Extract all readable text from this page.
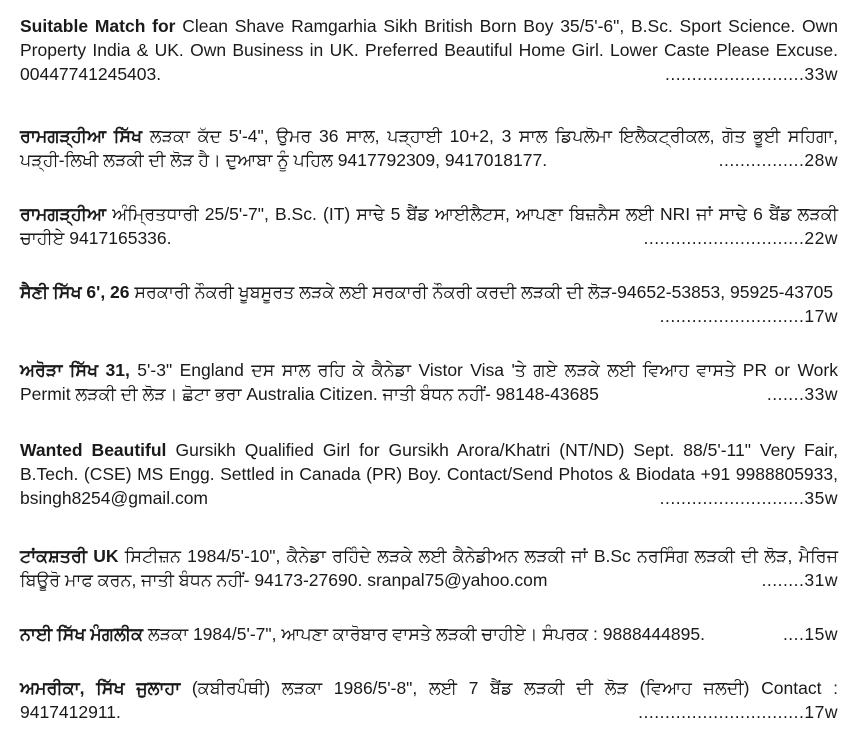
Suitable Match for Clean Shave Ramgarhia Sikh British Born Boy 35/5'-6", B.Sc. Sport Science. Own Property India & UK. Own Business in UK. Preferred Beautiful Home Girl. Lower Caste Please Excuse. 00447741245403.	..........................33w
ਰਾਮਗੜ੍ਹੀਆ ਸਿੱਖ ਲੜਕਾ ਕੱਦ 5'-4", ਉਮਰ 36 ਸਾਲ, ਪੜ੍ਹਾਈ 10+2, 3 ਸਾਲ ਡਿਪਲੋਮਾ ਇਲੈਕਟ੍ਰੀਕਲ, ਗੋਤ ਭੂਈ ਸਹਿਗਾ, ਪੜ੍ਹੀ-ਲਿਖੀ ਲੜਕੀ ਦੀ ਲੋੜ ਹੈ। ਦੁਆਬਾ ਨੂੰ ਪਹਿਲ 9417792309, 9417018177.	................28w
ਰਾਮਗੜ੍ਹੀਆ ਅੰਮ੍ਰਿਤਧਾਰੀ 25/5'-7", B.Sc. (IT) ਸਾਢੇ 5 ਬੈਂਡ ਆਈਲੈਟਸ, ਆਪਣਾ ਬਿਜ਼ਨੈਸ ਲਈ NRI ਜਾਂ ਸਾਢੇ 6 ਬੈਂਡ ਲੜਕੀ ਚਾਹੀਏ 9417165336.	..............................22w
ਸੈਣੀ ਸਿੱਖ 6', 26 ਸਰਕਾਰੀ ਨੌਕਰੀ ਖੂਬਸੂਰਤ ਲੜਕੇ ਲਈ ਸਰਕਾਰੀ ਨੌਕਰੀ ਕਰਦੀ ਲੜਕੀ ਦੀ ਲੋੜ-94652-53853, 95925-43705
...........................17w
ਅਰੋੜਾ ਸਿੱਖ 31, 5'-3" England ਦਸ ਸਾਲ ਰਹਿ ਕੇ ਕੈਨੇਡਾ Vistor Visa 'ਤੇ ਗਏ ਲੜਕੇ ਲਈ ਵਿਆਹ ਵਾਸਤੇ PR or Work Permit ਲੜਕੀ ਦੀ ਲੋੜ। ਛੋਟਾ ਭਰਾ Australia Citizen. ਜਾਤੀ ਬੰਧਨ ਨਹੀਂ- 98148-43685	.......33w
Wanted Beautiful Gursikh Qualified Girl for Gursikh Arora/Khatri (NT/ND) Sept. 88/5'-11" Very Fair, B.Tech. (CSE) MS Engg. Settled in Canada (PR) Boy. Contact/Send Photos & Biodata +91 9988805933, bsingh8254@gmail.com	...........................35w
ਟਾਂਕਸ਼ਤਰੀ UK ਸਿਟੀਜ਼ਨ 1984/5'-10", ਕੈਨੇਡਾ ਰਹਿੰਦੇ ਲੜਕੇ ਲਈ ਕੈਨੇਡੀਅਨ ਲੜਕੀ ਜਾਂ B.Sc ਨਰਸਿੰਗ ਲੜਕੀ ਦੀ ਲੋੜ, ਮੈਰਿਜ ਬਿਊਰੋ ਮਾਫ ਕਰਨ, ਜਾਤੀ ਬੰਧਨ ਨਹੀਂ- 94173-27690. sranpal75@yahoo.com	........31w
ਨਾਈ ਸਿੱਖ ਮੰਗਲੀਕ ਲੜਕਾ 1984/5'-7", ਆਪਣਾ ਕਾਰੋਬਾਰ ਵਾਸਤੇ ਲੜਕੀ ਚਾਹੀਏ। ਸੰਪਰਕ : 9888444895.	....15w
ਅਮਰੀਕਾ, ਸਿੱਖ ਜੁਲਾਹਾ (ਕਬੀਰਪੰਥੀ) ਲੜਕਾ 1986/5'-8", ਲਈ 7 ਬੈਂਡ ਲੜਕੀ ਦੀ ਲੋੜ (ਵਿਆਹ ਜਲਦੀ) Contact : 9417412911.	...............................17w
